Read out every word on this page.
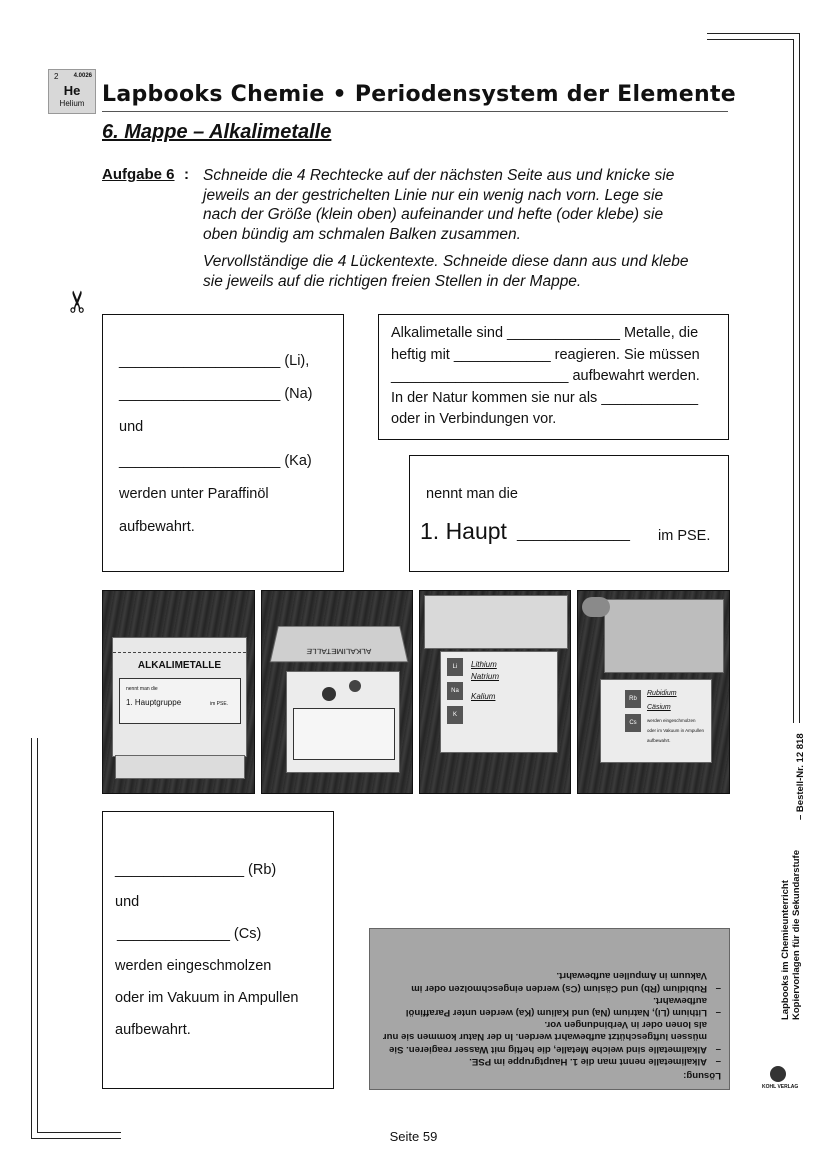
2	4.0026
He
Helium Lapbooks Chemie • Periodensystem der Elemente
6. Mappe – Alkalimetalle
Aufgabe 6 : Schneide die 4 Rechtecke auf der nächsten Seite aus und knicke sie
jeweils an der gestrichelten Linie nur ein wenig nach vorn. Lege sie
nach der Größe (klein oben) aufeinander und hefte (oder klebe) sie
oben bündig am schmalen Balken zusammen.
Vervollständige die 4 Lückentexte. Schneide diese dann aus und klebe
sie jeweils auf die richtigen freien Stellen in der Mappe.
✂
____________________ (Li),
____________________ (Na)
und
____________________ (Ka)
werden unter Paraffinöl
aufbewahrt.
Alkalimetalle sind ______________ Metalle, die
heftig mit ____________ reagieren. Sie müssen
______________________ aufbewahrt werden.
In der Natur kommen sie nur als ____________
oder in Verbindungen vor.
nennt man die
1. Haupt ______________ im PSE.
ALKALIMETALLE
nennt man die
1. Hauptgruppe	im PSE.
ALKALIMETALLE
Li
Na
K
Lithium
Natrium
Kalium	Rb
Cs
Rubidium
Cäsium
werden eingeschmolzen
oder im Vakuum in Ampullen
aufbewahrt.
________________ (Rb)
und
______________ (Cs)
werden eingeschmolzen
oder im Vakuum in Ampullen
aufbewahrt.
Lösung:
– Alkalimetalle nennt man die 1. Hauptgruppe im PSE.
– Alkalimetalle sind weiche Metalle, die heftig mit Wasser reagieren. Sie müssen luftgeschützt aufbewahrt werden. In der Natur kommen sie nur als Ionen oder in Verbindungen vor.
– Lithium (Li), Natrium (Na) und Kalium (Ka) werden unter Paraffinöl aufbewahrt.
– Rubidium (Rb) und Cäsium (Cs) werden eingeschmolzen oder im Vakuum in Ampullen aufbewahrt.	Lapbooks im Chemieunterricht Kopiervorlagen für die Sekundarstufe
– Bestell-Nr. 12 818
KOHL VERLAG
Seite 59
